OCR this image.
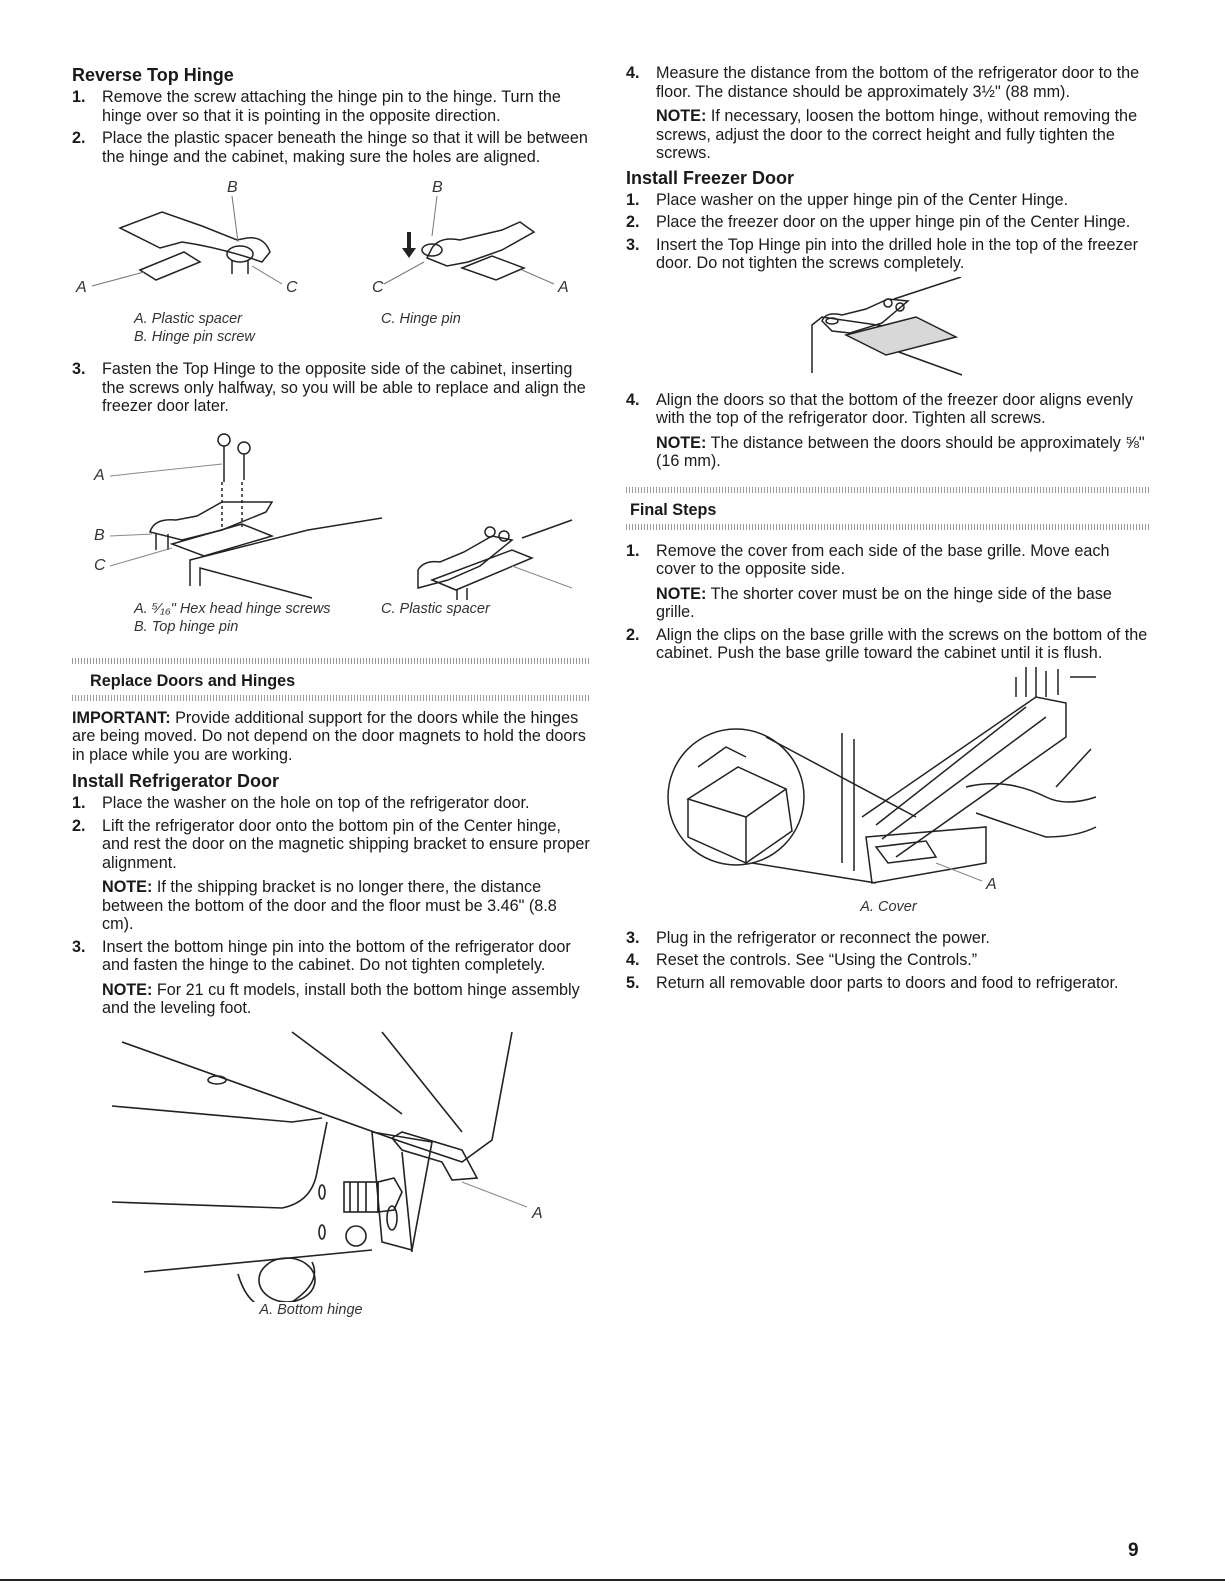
Reverse Top Hinge
1. Remove the screw attaching the hinge pin to the hinge. Turn the hinge over so that it is pointing in the opposite direction.
2. Place the plastic spacer beneath the hinge so that it will be between the hinge and the cabinet, making sure the holes are aligned.
B	B
A	C	C	A
A. Plastic spacer	C. Hinge pin
B. Hinge pin screw
3. Fasten the Top Hinge to the opposite side of the cabinet, inserting the screws only halfway, so you will be able to replace and align the freezer door later.
A
B
C
A. ⁵⁄₁₆" Hex head hinge screws	C. Plastic spacer
B. Top hinge pin
Replace Doors and Hinges

IMPORTANT: Provide additional support for the doors while the hinges are being moved. Do not depend on the door magnets to hold the doors in place while you are working.

Install Refrigerator Door
1. Place the washer on the hole on top of the refrigerator door.
2. Lift the refrigerator door onto the bottom pin of the Center hinge, and rest the door on the magnetic shipping bracket to ensure proper alignment.
NOTE: If the shipping bracket is no longer there, the distance between the bottom of the door and the floor must be 3.46" (8.8 cm).
3. Insert the bottom hinge pin into the bottom of the refrigerator door and fasten the hinge to the cabinet. Do not tighten completely.
NOTE: For 21 cu ft models, install both the bottom hinge assembly and the leveling foot.
A
A. Bottom hinge
4. Measure the distance from the bottom of the refrigerator door to the floor. The distance should be approximately 3½" (88 mm).
NOTE: If necessary, loosen the bottom hinge, without removing the screws, adjust the door to the correct height and fully tighten the screws.
Install Freezer Door
1. Place washer on the upper hinge pin of the Center Hinge.
2. Place the freezer door on the upper hinge pin of the Center Hinge.
3. Insert the Top Hinge pin into the drilled hole in the top of the freezer door. Do not tighten the screws completely.
4. Align the doors so that the bottom of the freezer door aligns evenly with the top of the refrigerator door. Tighten all screws.
NOTE: The distance between the doors should be approximately ⅝" (16 mm).
Final Steps
1. Remove the cover from each side of the base grille. Move each cover to the opposite side.
NOTE: The shorter cover must be on the hinge side of the base grille.
2. Align the clips on the base grille with the screws on the bottom of the cabinet. Push the base grille toward the cabinet until it is flush.
A
A. Cover
3. Plug in the refrigerator or reconnect the power.
4. Reset the controls. See “Using the Controls.”
5. Return all removable door parts to doors and food to refrigerator.
9
